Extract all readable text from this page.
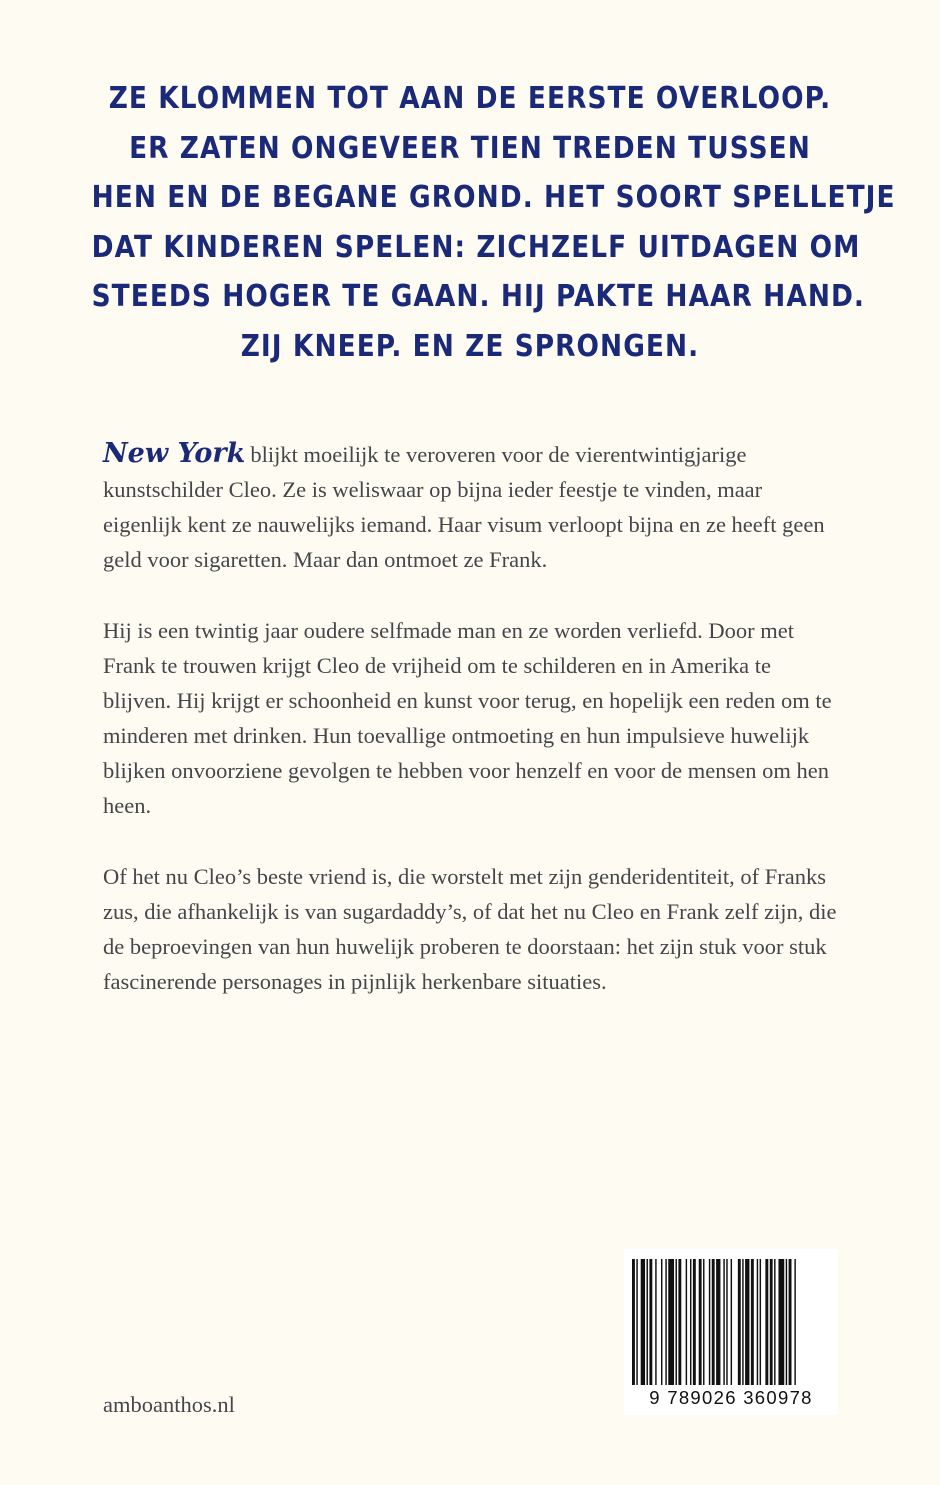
ZE KLOMMEN TOT AAN DE EERSTE OVERLOOP.
ER ZATEN ONGEVEER TIEN TREDEN TUSSEN
HEN EN DE BEGANE GROND. HET SOORT SPELLETJE
DAT KINDEREN SPELEN: ZICHZELF UITDAGEN OM
STEEDS HOGER TE GAAN. HIJ PAKTE HAAR HAND.
ZIJ KNEEP. EN ZE SPRONGEN.

New York blijkt moeilijk te veroveren voor de vierentwintigjarige kunstschilder Cleo. Ze is weliswaar op bijna ieder feestje te vinden, maar eigenlijk kent ze nauwelijks iemand. Haar visum verloopt bijna en ze heeft geen geld voor sigaretten. Maar dan ontmoet ze Frank.

Hij is een twintig jaar oudere selfmade man en ze worden verliefd. Door met Frank te trouwen krijgt Cleo de vrijheid om te schilderen en in Amerika te blijven. Hij krijgt er schoonheid en kunst voor terug, en hopelijk een reden om te minderen met drinken. Hun toevallige ontmoeting en hun impulsieve huwelijk blijken onvoorziene gevolgen te hebben voor henzelf en voor de mensen om hen heen.

Of het nu Cleo’s beste vriend is, die worstelt met zijn genderidentiteit, of Franks zus, die afhankelijk is van sugardaddy’s, of dat het nu Cleo en Frank zelf zijn, die de beproevingen van hun huwelijk proberen te doorstaan: het zijn stuk voor stuk fascinerende personages in pijnlijk herkenbare situaties.

9 789026 360978
amboanthos.nl
